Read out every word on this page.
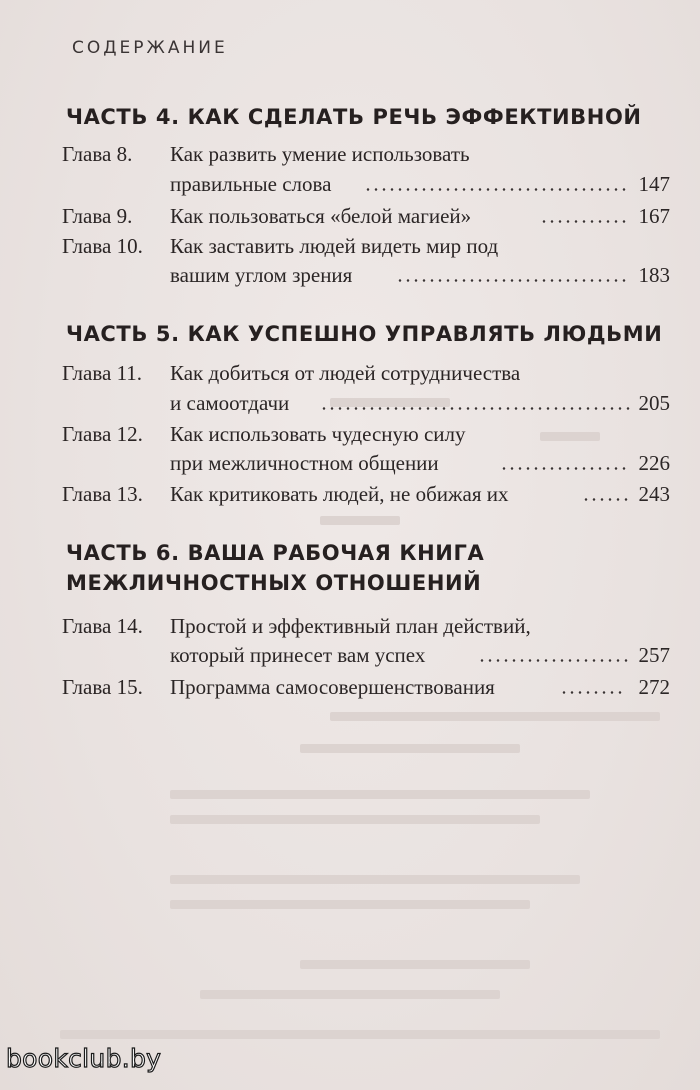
СОДЕРЖАНИЕ
ЧАСТЬ 4. КАК СДЕЛАТЬ РЕЧЬ ЭФФЕКТИВНОЙ
Глава 8. Как развить умение использовать
правильные слова	147
Глава 9. Как пользоваться «белой магией»	167
Глава 10. Как заставить людей видеть мир под
вашим углом зрения	183
ЧАСТЬ 5. КАК УСПЕШНО УПРАВЛЯТЬ ЛЮДЬМИ
Глава 11. Как добиться от людей сотрудничества
и самоотдачи	205
Глава 12. Как использовать чудесную силу
при межличностном общении	226
Глава 13. Как критиковать людей, не обижая их	243
ЧАСТЬ 6. ВАША РАБОЧАЯ КНИГА
МЕЖЛИЧНОСТНЫХ ОТНОШЕНИЙ
Глава 14. Простой и эффективный план действий,
который принесет вам успех	257
Глава 15. Программа самосовершенствования	272
bookclub.by
